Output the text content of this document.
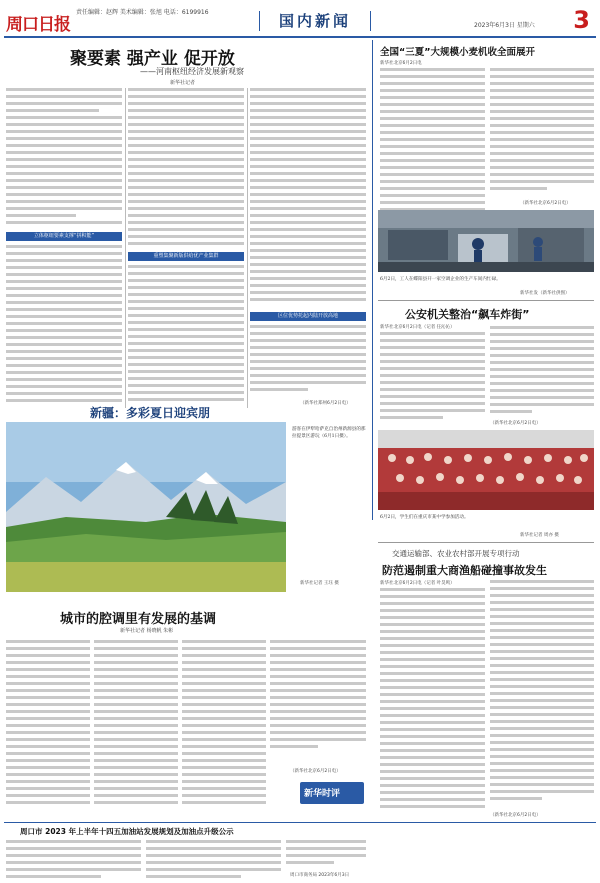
周口日报
责任编辑：赵辉 美术编辑：张旭 电话：6199916	国内新闻	2023年6月3日 星期六 3
聚要素 强产业 促开放
——河南枢纽经济发展新观察
新华社记者
立体枢纽要素支撑“拼积能”
重塑集聚新版供给优产业集群
区位优势托起内陆开放高地
（新华社郑州6月2日电）
全国“三夏”大规模小麦机收全面展开
新华社北京6月2日电
（新华社北京6月2日电）
6月2日，工人在蝶阳县开一家空调企业的生产车间内忙碌。
新华社发（新华社供图）
公安机关整治“飙车炸街”
新华社北京6月2日电（记者 任沁沁）
（新华社北京6月2日电）
新疆：多彩夏日迎宾朋
游客在伊犁哈萨克自治州新源县的那拉提景区游玩（6月1日摄）。
新华社记者 王珏 摄
6月2日，学生们在重庆市某中学参加活动。
新华社记者 周亦 摄
城市的腔调里有发展的基调
新华社记者 杨晓帆 朱彬
（新华社北京6月2日电）
新华时评
交通运输部、农业农村部开展专项行动
防范遏制重大商渔船碰撞事故发生
新华社北京6月2日电（记者 叶昊鸣）
（新华社北京6月2日电）
周口市 2023 年上半年十四五加油站发展规划及加油点升级公示
周口市商务局 2023年6月3日
